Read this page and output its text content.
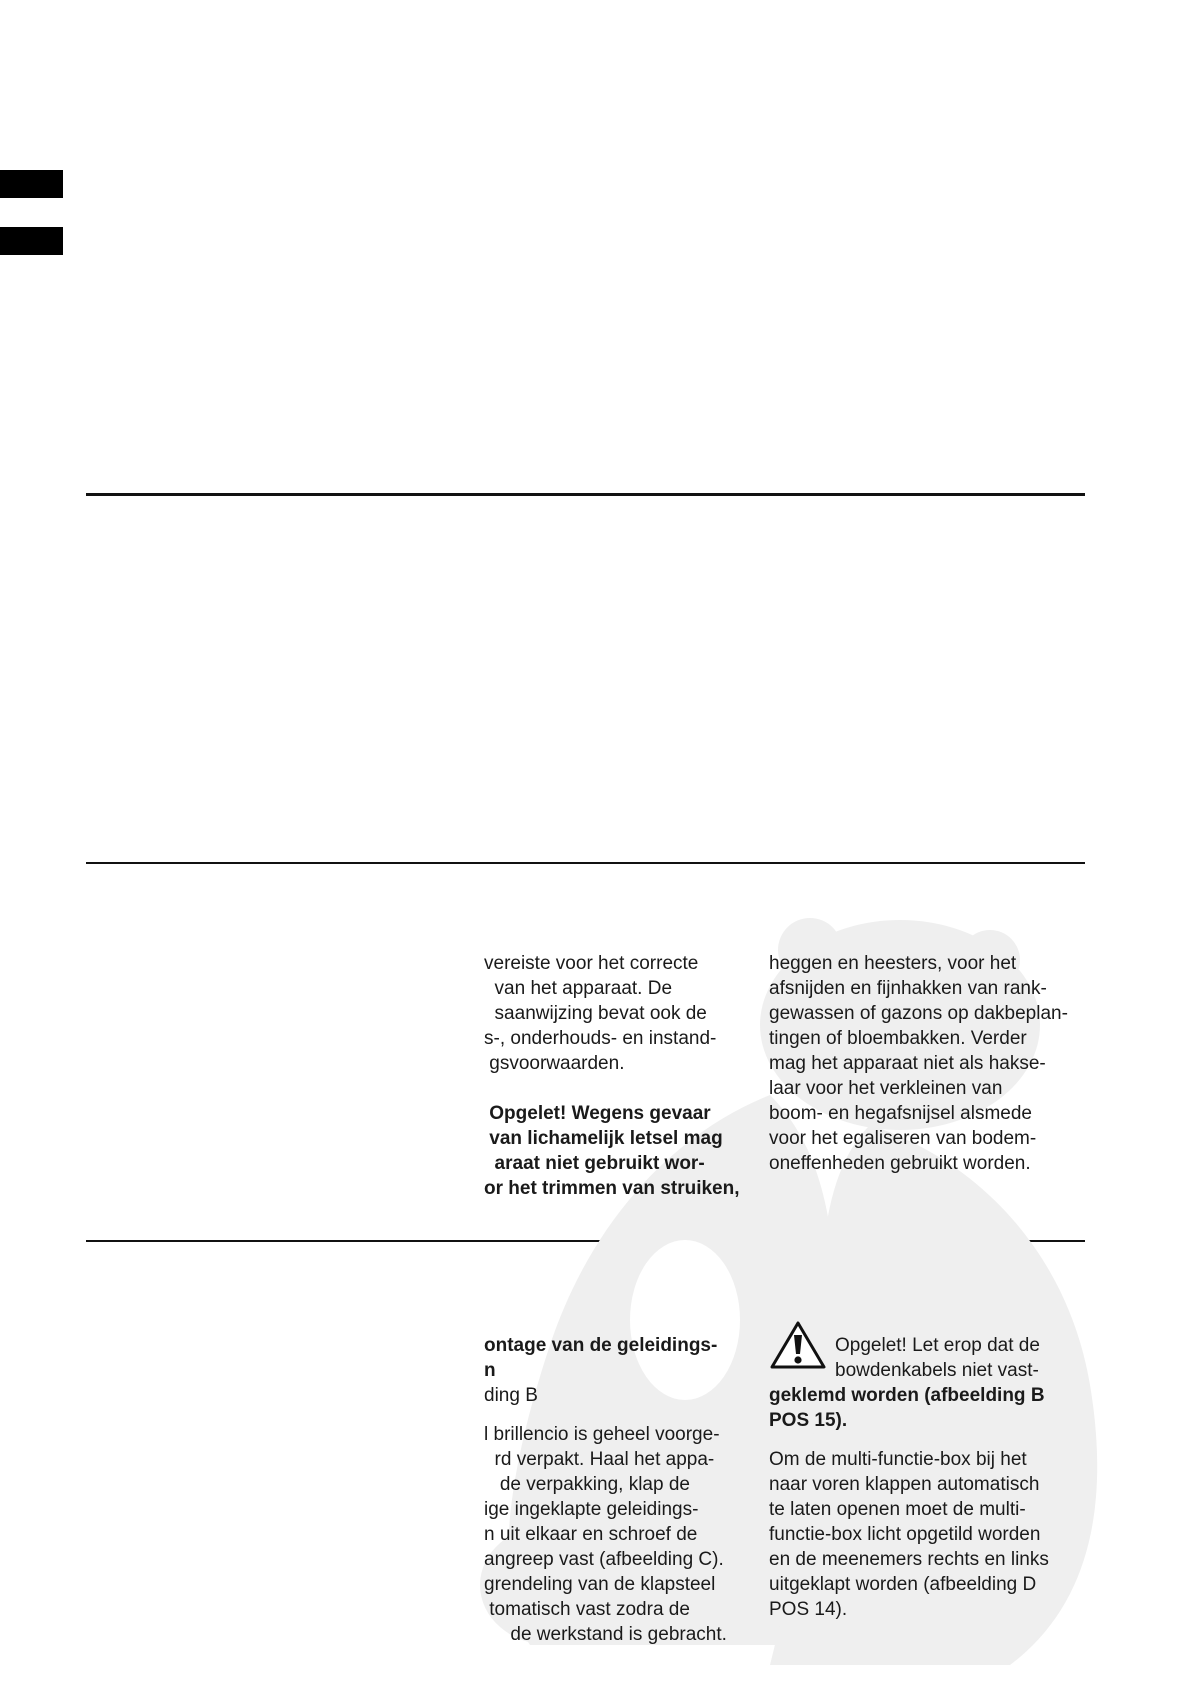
vereiste voor het correcte

van het apparaat. De

saanwijzing bevat ook de

s-, onderhouds- en instand-

gsvoorwaarden.

Opgelet! Wegens gevaar

van lichamelijk letsel mag

araat niet gebruikt wor-

or het trimmen van struiken,

heggen en heesters, voor het

afsnijden en fijnhakken van rank-

gewassen of gazons op dakbeplan-

tingen of bloembakken. Verder

mag het apparaat niet als hakse-

laar voor het verkleinen van

boom- en hegafsnijsel alsmede

voor het egaliseren van bodem-

oneffenheden gebruikt worden.

ontage van de geleidings-

n

ding B

l brillencio is geheel voorge-

rd verpakt. Haal het appa-

de verpakking, klap de

ige ingeklapte geleidings-

n uit elkaar en schroef de

angreep vast (afbeelding C).

grendeling van de klapsteel

tomatisch vast zodra de

de werkstand is gebracht.

Opgelet! Let erop dat de

bowdenkabels niet vast-

geklemd worden (afbeelding B

POS 15).

Om de multi-functie-box bij het

naar voren klappen automatisch

te laten openen moet de multi-

functie-box licht opgetild worden

en de meenemers rechts en links

uitgeklapt worden (afbeelding D

POS 14).
